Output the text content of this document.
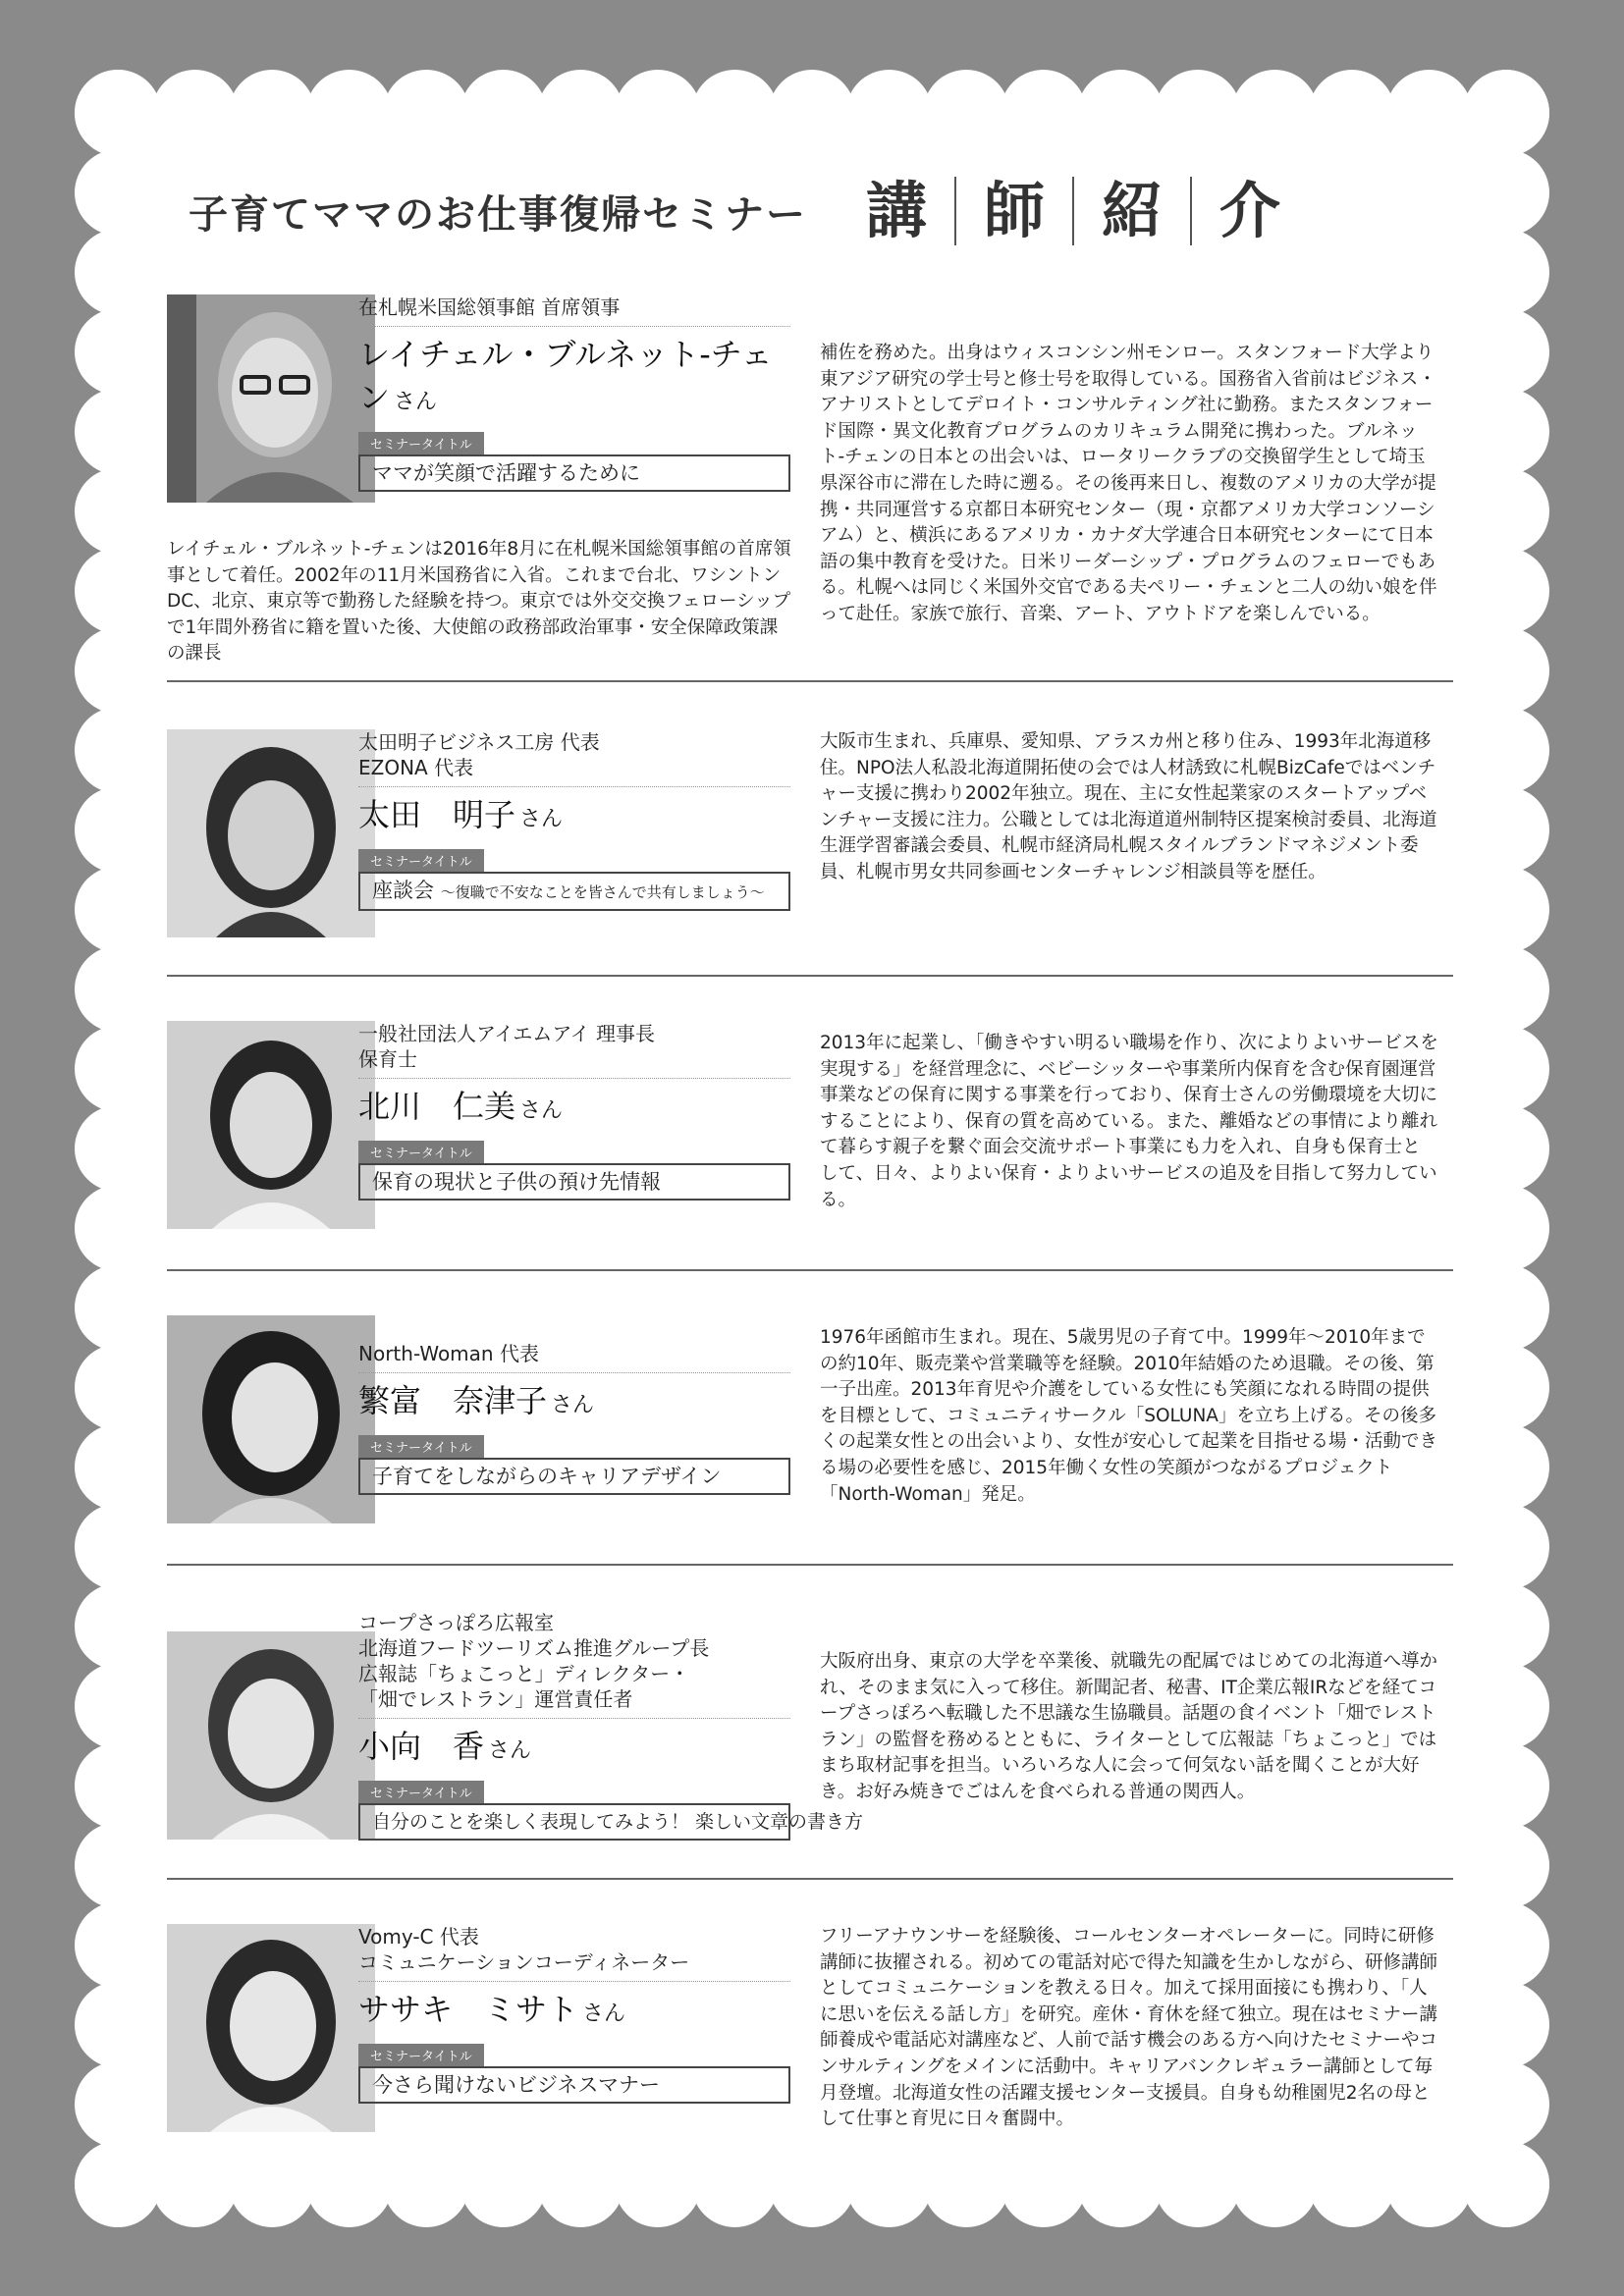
子育てママのお仕事復帰セミナー 講 師 紹 介
在札幌米国総領事館 首席領事
レイチェル・ブルネット-チェン さん
セミナータイトル
ママが笑顔で活躍するために
レイチェル・ブルネット-チェンは2016年8月に在札幌米国総領事館の首席領事として着任。2002年の11月米国務省に入省。これまで台北、ワシントンDC、北京、東京等で勤務した経験を持つ。東京では外交交換フェローシップで1年間外務省に籍を置いた後、大使館の政務部政治軍事・安全保障政策課の課長
補佐を務めた。出身はウィスコンシン州モンロー。スタンフォード大学より東アジア研究の学士号と修士号を取得している。国務省入省前はビジネス・アナリストとしてデロイト・コンサルティング社に勤務。またスタンフォード国際・異文化教育プログラムのカリキュラム開発に携わった。ブルネット-チェンの日本との出会いは、ロータリークラブの交換留学生として埼玉県深谷市に滞在した時に遡る。その後再来日し、複数のアメリカの大学が提携・共同運営する京都日本研究センター（現・京都アメリカ大学コンソーシアム）と、横浜にあるアメリカ・カナダ大学連合日本研究センターにて日本語の集中教育を受けた。日米リーダーシップ・プログラムのフェローでもある。札幌へは同じく米国外交官である夫ペリー・チェンと二人の幼い娘を伴って赴任。家族で旅行、音楽、アート、アウトドアを楽しんでいる。
太田明子ビジネス工房 代表
EZONA 代表
太田　明子 さん
セミナータイトル
座談会 ～復職で不安なことを皆さんで共有しましょう～
大阪市生まれ、兵庫県、愛知県、アラスカ州と移り住み、1993年北海道移住。NPO法人私設北海道開拓使の会では人材誘致に札幌BizCafeではベンチャー支援に携わり2002年独立。現在、主に女性起業家のスタートアップベンチャー支援に注力。公職としては北海道道州制特区提案検討委員、北海道生涯学習審議会委員、札幌市経済局札幌スタイルブランドマネジメント委員、札幌市男女共同参画センターチャレンジ相談員等を歴任。
一般社団法人アイエムアイ 理事長
保育士
北川　仁美 さん
セミナータイトル
保育の現状と子供の預け先情報
2013年に起業し、「働きやすい明るい職場を作り、次によりよいサービスを実現する」を経営理念に、ベビーシッターや事業所内保育を含む保育園運営事業などの保育に関する事業を行っており、保育士さんの労働環境を大切にすることにより、保育の質を高めている。また、離婚などの事情により離れて暮らす親子を繋ぐ面会交流サポート事業にも力を入れ、自身も保育士として、日々、よりよい保育・よりよいサービスの追及を目指して努力している。
North-Woman 代表
繁富　奈津子 さん
セミナータイトル
子育てをしながらのキャリアデザイン
1976年函館市生まれ。現在、5歳男児の子育て中。1999年～2010年までの約10年、販売業や営業職等を経験。2010年結婚のため退職。その後、第一子出産。2013年育児や介護をしている女性にも笑顔になれる時間の提供を目標として、コミュニティサークル「SOLUNA」を立ち上げる。その後多くの起業女性との出会いより、女性が安心して起業を目指せる場・活動できる場の必要性を感じ、2015年働く女性の笑顔がつながるプロジェクト「North-Woman」発足。
コープさっぽろ広報室
北海道フードツーリズム推進グループ長
広報誌「ちょこっと」ディレクター・
「畑でレストラン」運営責任者
小向　香 さん
セミナータイトル
自分のことを楽しく表現してみよう！ 楽しい文章の書き方
大阪府出身、東京の大学を卒業後、就職先の配属ではじめての北海道へ導かれ、そのまま気に入って移住。新聞記者、秘書、IT企業広報IRなどを経てコープさっぽろへ転職した不思議な生協職員。話題の食イベント「畑でレストラン」の監督を務めるとともに、ライターとして広報誌「ちょこっと」ではまち取材記事を担当。いろいろな人に会って何気ない話を聞くことが大好き。お好み焼きでごはんを食べられる普通の関西人。
Vomy-C 代表
コミュニケーションコーディネーター
ササキ　ミサト さん
セミナータイトル
今さら聞けないビジネスマナー
フリーアナウンサーを経験後、コールセンターオペレーターに。同時に研修講師に抜擢される。初めての電話対応で得た知識を生かしながら、研修講師としてコミュニケーションを教える日々。加えて採用面接にも携わり、「人に思いを伝える話し方」を研究。産休・育休を経て独立。現在はセミナー講師養成や電話応対講座など、人前で話す機会のある方へ向けたセミナーやコンサルティングをメインに活動中。キャリアバンクレギュラー講師として毎月登壇。北海道女性の活躍支援センター支援員。自身も幼稚園児2名の母として仕事と育児に日々奮闘中。
